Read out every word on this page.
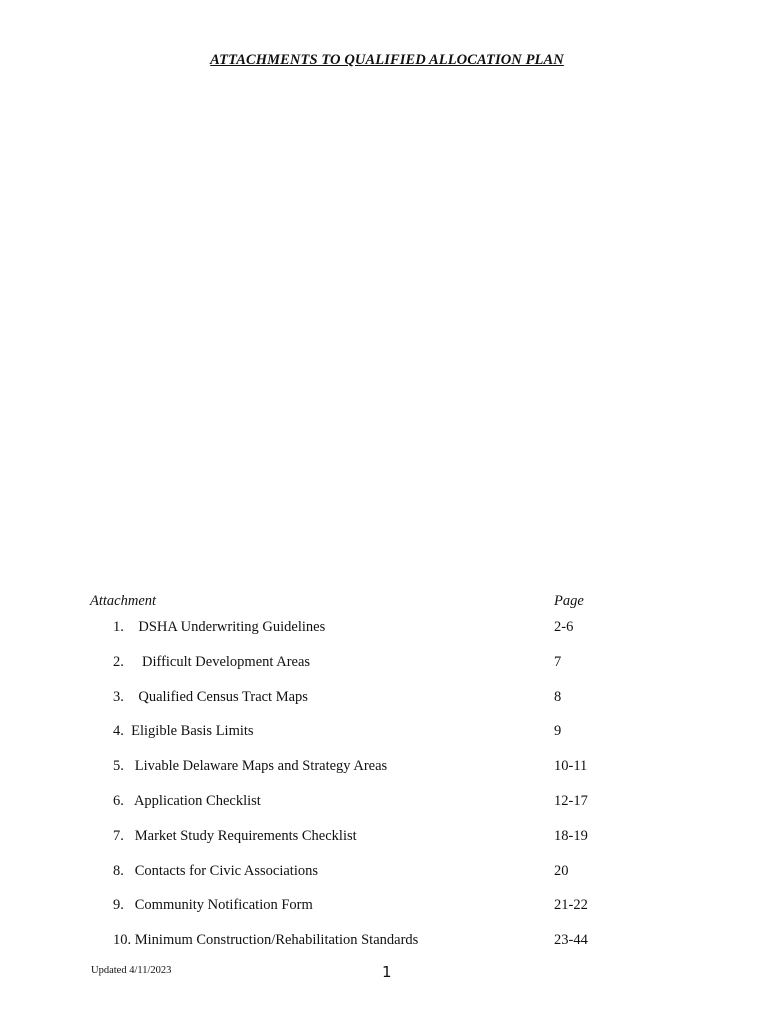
ATTACHMENTS TO QUALIFIED ALLOCATION PLAN
Attachment	Page
1.    DSHA Underwriting Guidelines	2-6
2.     Difficult Development Areas	7
3.    Qualified Census Tract Maps	8
4.  Eligible Basis Limits	9
5.   Livable Delaware Maps and Strategy Areas	10-11
6.   Application Checklist	12-17
7.   Market Study Requirements Checklist	18-19
8.   Contacts for Civic Associations	20
9.   Community Notification Form	21-22
10. Minimum Construction/Rehabilitation Standards	23-44
Updated 4/11/2023	1
